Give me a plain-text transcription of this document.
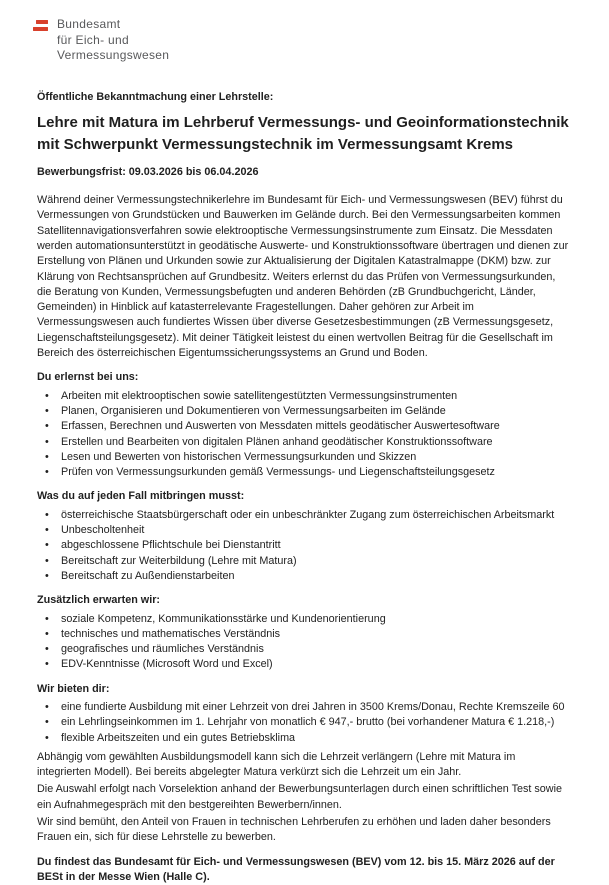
Bundesamt
für Eich- und
Vermessungswesen

Öffentliche Bekanntmachung einer Lehrstelle:

Lehre mit Matura im Lehrberuf Vermessungs- und Geoinformationstechnik
mit Schwerpunkt Vermessungstechnik im Vermessungsamt Krems

Bewerbungsfrist: 09.03.2026 bis 06.04.2026

Während deiner Vermessungstechnikerlehre im Bundesamt für Eich- und Vermessungswesen (BEV) führst du Vermessungen von Grundstücken und Bauwerken im Gelände durch. Bei den Vermessungsarbeiten kommen Satellitennavigationsverfahren sowie elektrooptische Vermessungsinstrumente zum Einsatz. Die Messdaten werden automationsunterstützt in geodätische Auswerte- und Konstruktionssoftware übertragen und dienen zur Erstellung von Plänen und Urkunden sowie zur Aktualisierung der Digitalen Katastralmappe (DKM) bzw. zur Klärung von Rechtsansprüchen auf Grundbesitz. Weiters erlernst du das Prüfen von Vermessungsurkunden, die Beratung von Kunden, Vermessungsbefugten und anderen Behörden (zB Grundbuchgericht, Länder, Gemeinden) in Hinblick auf katasterrelevante Fragestellungen. Daher gehören zur Arbeit im Vermessungswesen auch fundiertes Wissen über diverse Gesetzesbestimmungen (zB Vermessungsgesetz, Liegenschaftsteilungsgesetz). Mit deiner Tätigkeit leistest du einen wertvollen Beitrag für die Gesellschaft im Bereich des österreichischen Eigentumssicherungssystems an Grund und Boden.

Du erlernst bei uns:

• Arbeiten mit elektrooptischen sowie satellitengestützten Vermessungsinstrumenten
• Planen, Organisieren und Dokumentieren von Vermessungsarbeiten im Gelände
• Erfassen, Berechnen und Auswerten von Messdaten mittels geodätischer Auswertesoftware
• Erstellen und Bearbeiten von digitalen Plänen anhand geodätischer Konstruktionssoftware
• Lesen und Bewerten von historischen Vermessungsurkunden und Skizzen
• Prüfen von Vermessungsurkunden gemäß Vermessungs- und Liegenschaftsteilungsgesetz

Was du auf jeden Fall mitbringen musst:

• österreichische Staatsbürgerschaft oder ein unbeschränkter Zugang zum österreichischen Arbeitsmarkt
• Unbescholtenheit
• abgeschlossene Pflichtschule bei Dienstantritt
• Bereitschaft zur Weiterbildung (Lehre mit Matura)
• Bereitschaft zu Außendienstarbeiten

Zusätzlich erwarten wir:

• soziale Kompetenz, Kommunikationsstärke und Kundenorientierung
• technisches und mathematisches Verständnis
• geografisches und räumliches Verständnis
• EDV-Kenntnisse (Microsoft Word und Excel)

Wir bieten dir:

• eine fundierte Ausbildung mit einer Lehrzeit von drei Jahren in 3500 Krems/Donau, Rechte Kremszeile 60
• ein Lehrlingseinkommen im 1. Lehrjahr von monatlich € 947,- brutto (bei vorhandener Matura € 1.218,-)
• flexible Arbeitszeiten und ein gutes Betriebsklima

Abhängig vom gewählten Ausbildungsmodell kann sich die Lehrzeit verlängern (Lehre mit Matura im integrierten Modell). Bei bereits abgelegter Matura verkürzt sich die Lehrzeit um ein Jahr.

Die Auswahl erfolgt nach Vorselektion anhand der Bewerbungsunterlagen durch einen schriftlichen Test sowie ein Aufnahmegespräch mit den bestgereihten Bewerbern/innen.

Wir sind bemüht, den Anteil von Frauen in technischen Lehrberufen zu erhöhen und laden daher besonders Frauen ein, sich für diese Lehrstelle zu bewerben.

Du findest das Bundesamt für Eich- und Vermessungswesen (BEV) vom 12. bis 15. März 2026 auf der BESt in der Messe Wien (Halle C).
